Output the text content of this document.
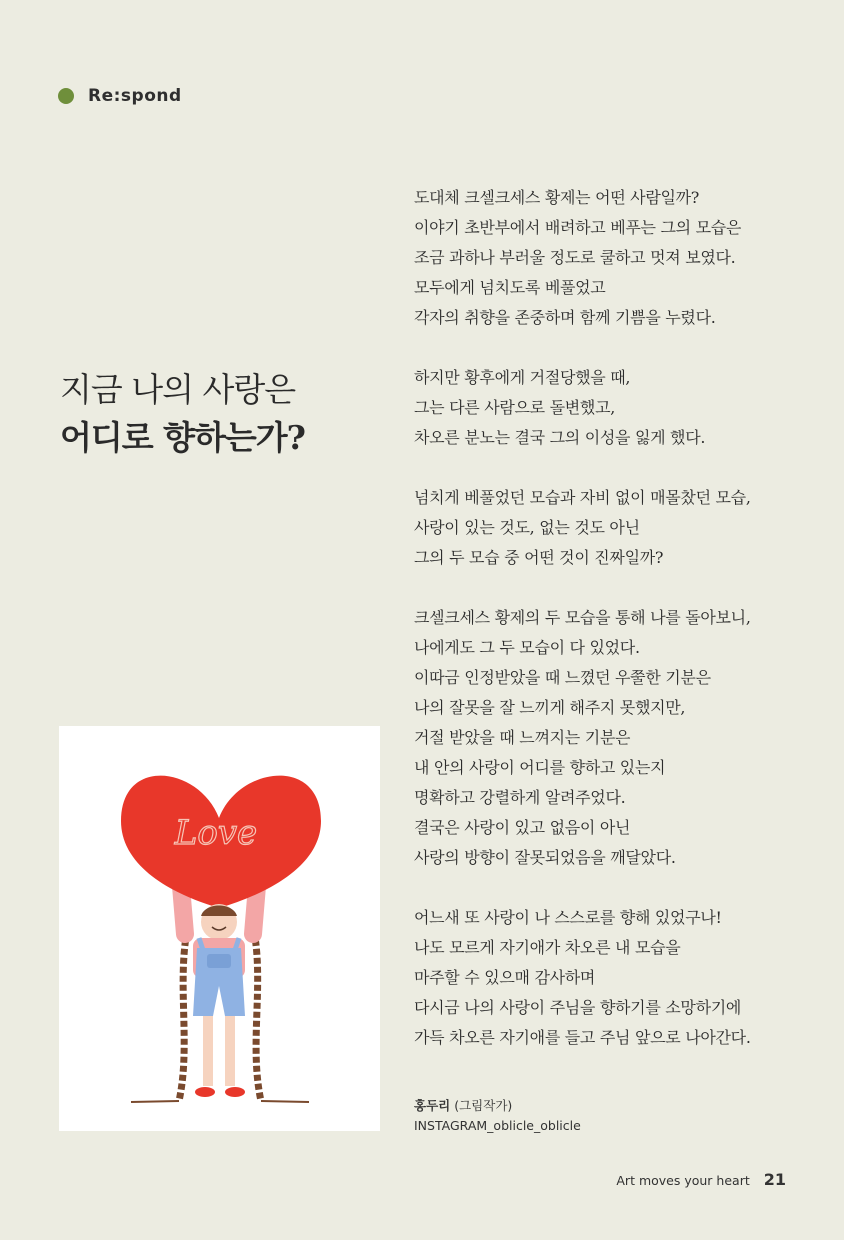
Re:spond
지금 나의 사랑은
어디로 향하는가?
도대체 크셀크세스 황제는 어떤 사람일까?
이야기 초반부에서 배려하고 베푸는 그의 모습은
조금 과하나 부러울 정도로 쿨하고 멋져 보였다.
모두에게 넘치도록 베풀었고
각자의 취향을 존중하며 함께 기쁨을 누렸다.
하지만 황후에게 거절당했을 때,
그는 다른 사람으로 돌변했고,
차오른 분노는 결국 그의 이성을 잃게 했다.
넘치게 베풀었던 모습과 자비 없이 매몰찼던 모습,
사랑이 있는 것도, 없는 것도 아닌
그의 두 모습 중 어떤 것이 진짜일까?
크셀크세스 황제의 두 모습을 통해 나를 돌아보니,
나에게도 그 두 모습이 다 있었다.
이따금 인정받았을 때 느꼈던 우쭐한 기분은
나의 잘못을 잘 느끼게 해주지 못했지만,
거절 받았을 때 느껴지는 기분은
내 안의 사랑이 어디를 향하고 있는지
명확하고 강렬하게 알려주었다.
결국은 사랑이 있고 없음이 아닌
사랑의 방향이 잘못되었음을 깨달았다.
어느새 또 사랑이 나 스스로를 향해 있었구나!
나도 모르게 자기애가 차오른 내 모습을
마주할 수 있으매 감사하며
다시금 나의 사랑이 주님을 향하기를 소망하기에
가득 차오른 자기애를 들고 주님 앞으로 나아간다.
홍두리 (그림작가)
INSTAGRAM_oblicle_oblicle
Love
Art moves your heart 21
